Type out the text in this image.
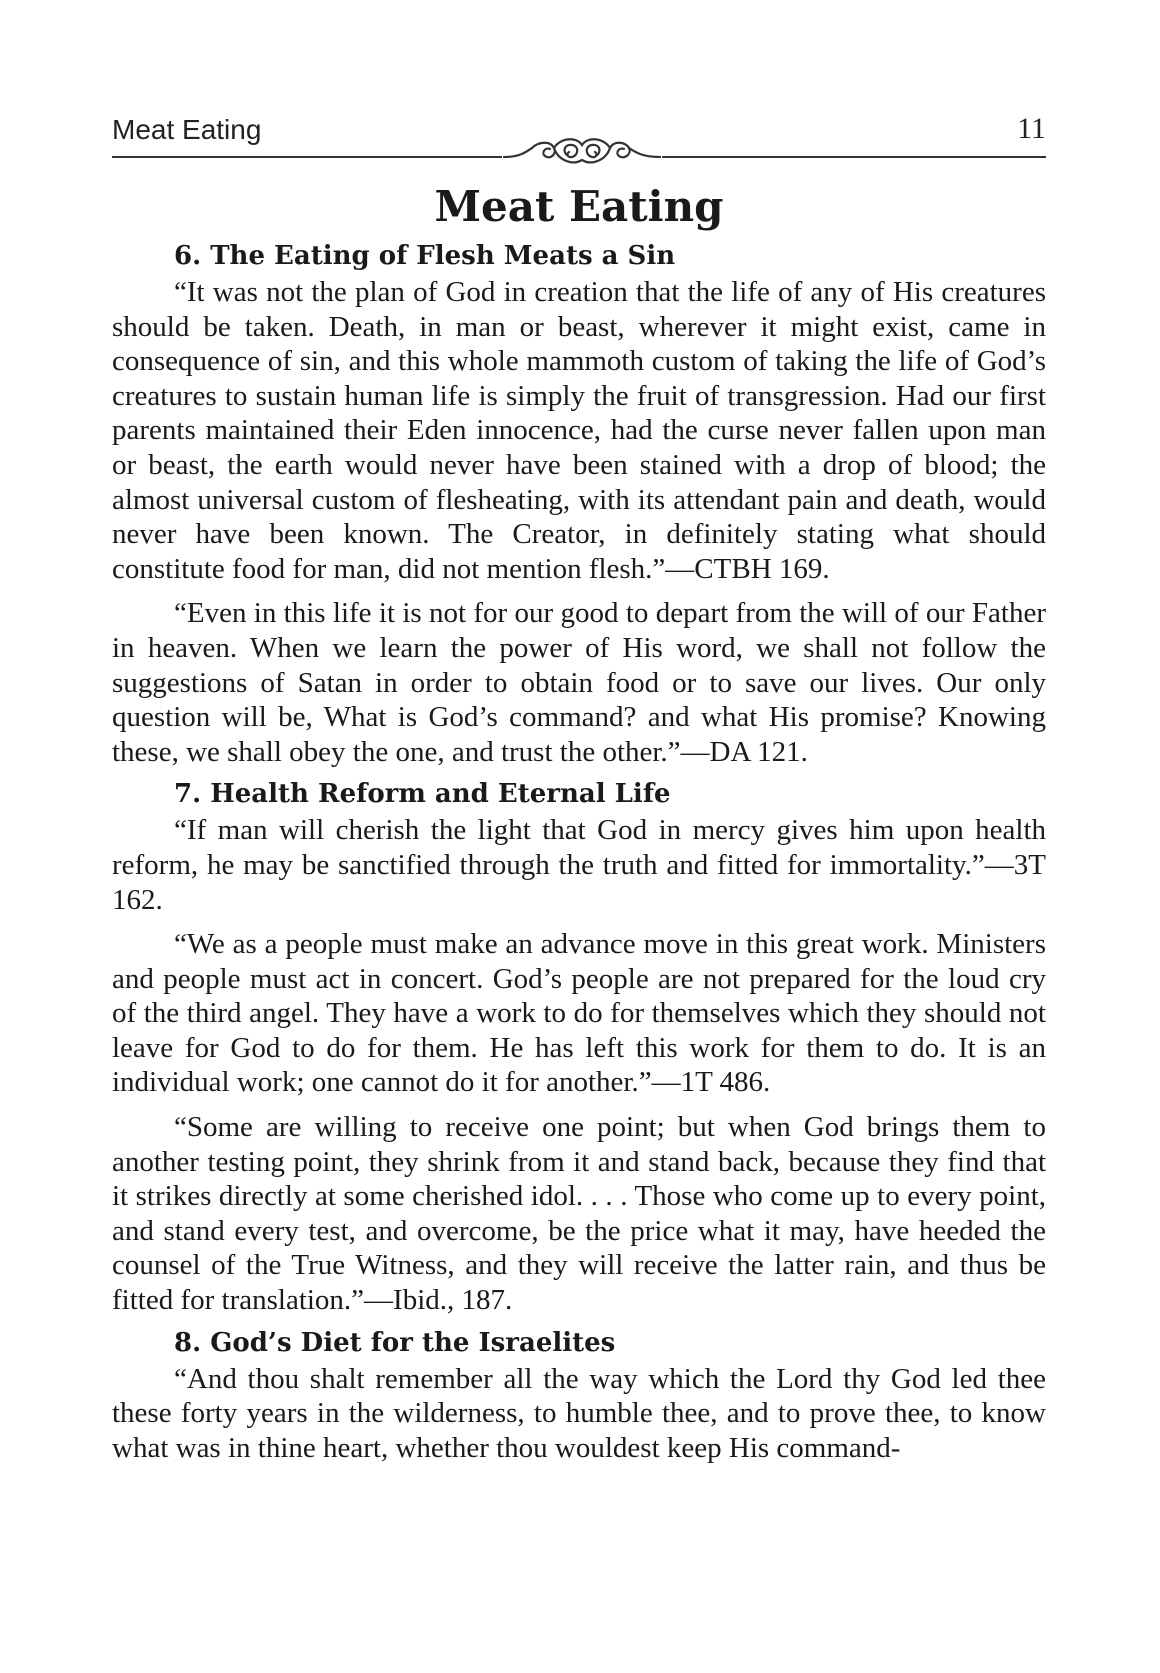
Meat Eating	11
Meat Eating
6. The Eating of Flesh Meats a Sin

“It was not the plan of God in creation that the life of any of His creatures should be taken. Death, in man or beast, wherever it might exist, came in consequence of sin, and this whole mammoth custom of taking the life of God’s creatures to sustain human life is simply the fruit of transgression. Had our first parents maintained their Eden innocence, had the curse never fallen upon man or beast, the earth would never have been stained with a drop of blood; the almost universal custom of flesheating, with its attendant pain and death, would never have been known. The Creator, in definitely stating what should constitute food for man, did not mention flesh.”—CTBH 169.

“Even in this life it is not for our good to depart from the will of our Father in heaven. When we learn the power of His word, we shall not follow the suggestions of Satan in order to obtain food or to save our lives. Our only question will be, What is God’s command? and what His promise? Knowing these, we shall obey the one, and trust the other.”—DA 121.

7. Health Reform and Eternal Life

“If man will cherish the light that God in mercy gives him upon health reform, he may be sanctified through the truth and fitted for immortality.”—3T 162.

“We as a people must make an advance move in this great work. Ministers and people must act in concert. God’s people are not prepared for the loud cry of the third angel. They have a work to do for themselves which they should not leave for God to do for them. He has left this work for them to do. It is an individual work; one cannot do it for another.”—1T 486.

“Some are willing to receive one point; but when God brings them to another testing point, they shrink from it and stand back, because they find that it strikes directly at some cherished idol. . . . Those who come up to every point, and stand every test, and overcome, be the price what it may, have heeded the counsel of the True Witness, and they will receive the latter rain, and thus be fitted for translation.”—Ibid., 187.

8. God’s Diet for the Israelites

“And thou shalt remember all the way which the Lord thy God led thee these forty years in the wilderness, to humble thee, and to prove thee, to know what was in thine heart, whether thou wouldest keep His command-
